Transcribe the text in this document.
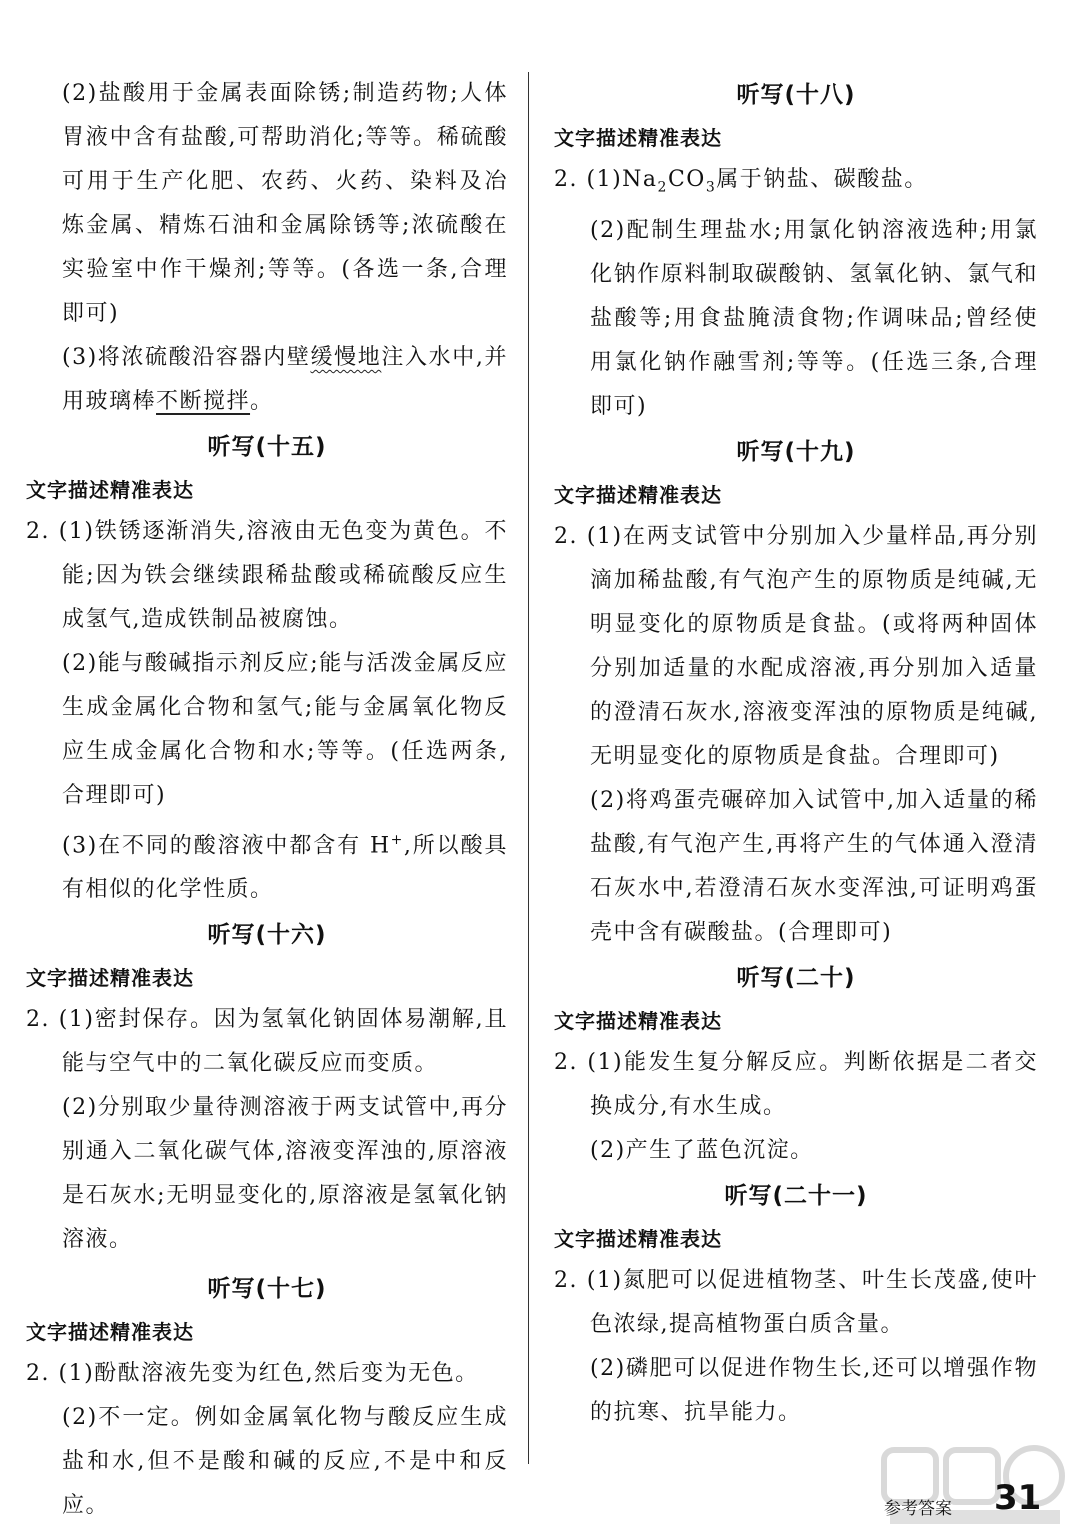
(2)盐酸用于金属表面除锈;制造药物;人体胃液中含有盐酸,可帮助消化;等等。稀硫酸可用于生产化肥、农药、火药、染料及冶炼金属、精炼石油和金属除锈等;浓硫酸在实验室中作干燥剂;等等。(各选一条,合理即可)

(3)将浓硫酸沿容器内壁缓慢地注入水中,并用玻璃棒不断搅拌。

听写(十五)

文字描述精准表达

2. (1)铁锈逐渐消失,溶液由无色变为黄色。不能;因为铁会继续跟稀盐酸或稀硫酸反应生成氢气,造成铁制品被腐蚀。

(2)能与酸碱指示剂反应;能与活泼金属反应生成金属化合物和氢气;能与金属氧化物反应生成金属化合物和水;等等。(任选两条,合理即可)

(3)在不同的酸溶液中都含有 H+,所以酸具有相似的化学性质。

听写(十六)

文字描述精准表达

2. (1)密封保存。因为氢氧化钠固体易潮解,且能与空气中的二氧化碳反应而变质。

(2)分别取少量待测溶液于两支试管中,再分别通入二氧化碳气体,溶液变浑浊的,原溶液是石灰水;无明显变化的,原溶液是氢氧化钠溶液。

听写(十七)

文字描述精准表达

2. (1)酚酞溶液先变为红色,然后变为无色。

(2)不一定。例如金属氧化物与酸反应生成盐和水,但不是酸和碱的反应,不是中和反应。

听写(十八)

文字描述精准表达

2. $(1)Na_2CO_3$属于钠盐、碳酸盐。

(2)配制生理盐水;用氯化钠溶液选种;用氯化钠作原料制取碳酸钠、氢氧化钠、氯气和盐酸等;用食盐腌渍食物;作调味品;曾经使用氯化钠作融雪剂;等等。(任选三条,合理即可)

听写(十九)

文字描述精准表达

2. (1)在两支试管中分别加入少量样品,再分别滴加稀盐酸,有气泡产生的原物质是纯碱,无明显变化的原物质是食盐。(或将两种固体分别加适量的水配成溶液,再分别加入适量的澄清石灰水,溶液变浑浊的原物质是纯碱,无明显变化的原物质是食盐。合理即可)

(2)将鸡蛋壳碾碎加入试管中,加入适量的稀盐酸,有气泡产生,再将产生的气体通入澄清石灰水中,若澄清石灰水变浑浊,可证明鸡蛋壳中含有碳酸盐。(合理即可)

听写(二十)

文字描述精准表达

2. (1)能发生复分解反应。判断依据是二者交换成分,有水生成。

(2)产生了蓝色沉淀。

听写(二十一)

文字描述精准表达

2. (1)氮肥可以促进植物茎、叶生长茂盛,使叶色浓绿,提高植物蛋白质含量。

(2)磷肥可以促进作物生长,还可以增强作物的抗寒、抗旱能力。

参考答案 31
